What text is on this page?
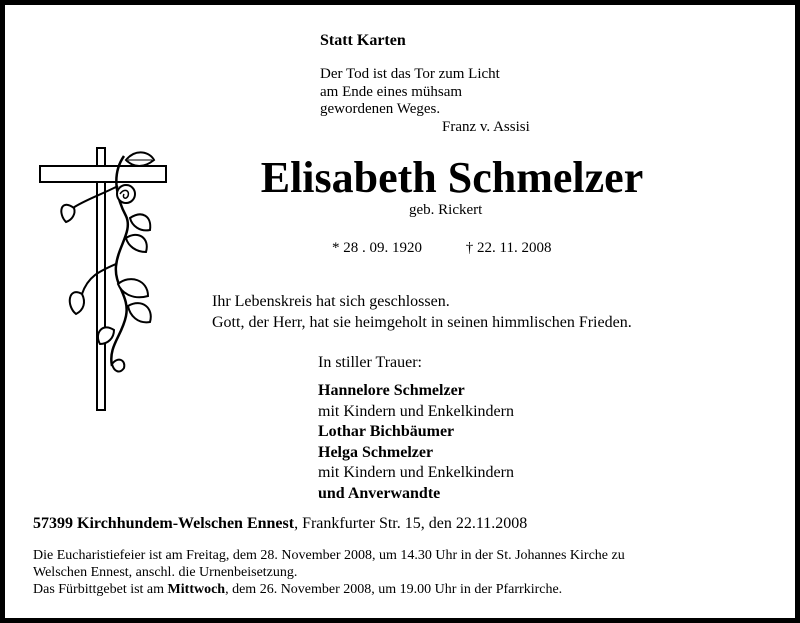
Statt Karten
Der Tod ist das Tor zum Licht
am Ende eines mühsam
gewordenen Weges.
Franz v. Assisi
Elisabeth Schmelzer
geb. Rickert
* 28 . 09. 1920	† 22. 11. 2008
Ihr Lebenskreis hat sich geschlossen.
Gott, der Herr, hat sie heimgeholt in seinen himmlischen Frieden.
In stiller Trauer:
Hannelore Schmelzer
mit Kindern und Enkelkindern
Lothar Bichbäumer
Helga Schmelzer
mit Kindern und Enkelkindern
und Anverwandte
57399 Kirchhundem-Welschen Ennest, Frankfurter Str. 15, den 22.11.2008
Die Eucharistiefeier ist am Freitag, dem 28. November 2008, um 14.30 Uhr in der St. Johannes Kirche zu
Welschen Ennest, anschl. die Urnenbeisetzung.
Das Fürbittgebet ist am Mittwoch, dem 26. November 2008, um 19.00 Uhr in der Pfarrkirche.
